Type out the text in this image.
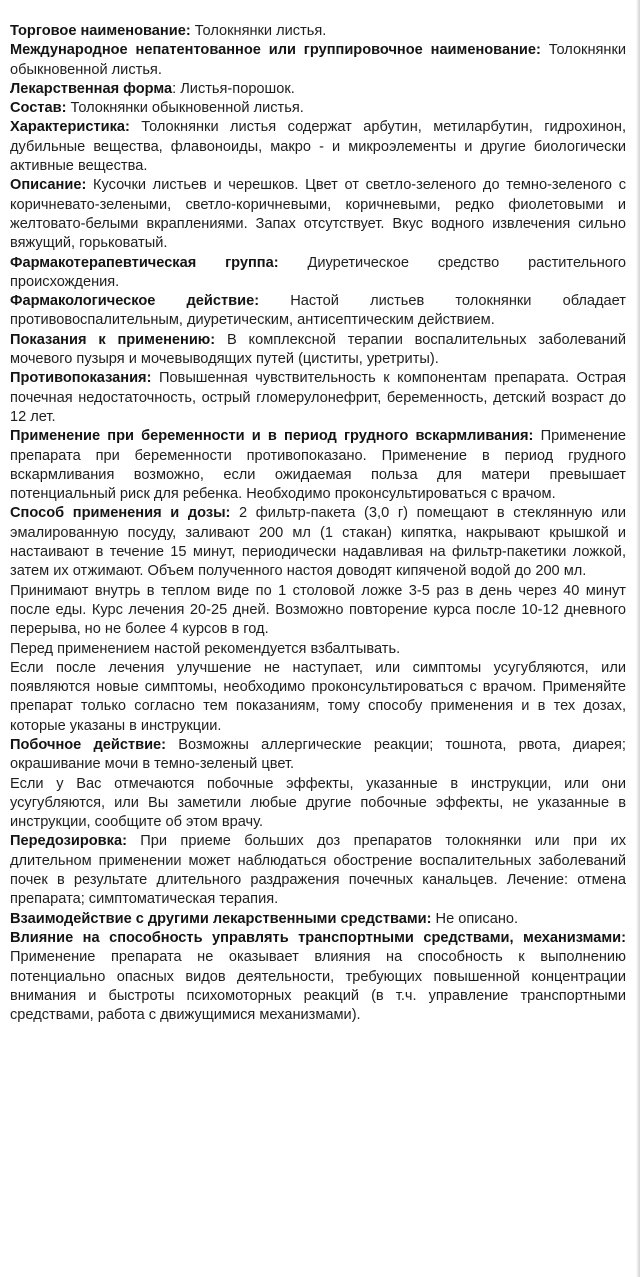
Торговое наименование: Толокнянки листья.

Международное непатентованное или группировочное наименование: Толокнянки обыкновенной листья.

Лекарственная форма: Листья-порошок.

Состав: Толокнянки обыкновенной листья.

Характеристика: Толокнянки листья содержат арбутин, метиларбутин, гидрохинон, дубильные вещества, флавоноиды, макро - и микроэлементы и другие биологически активные вещества.

Описание: Кусочки листьев и черешков. Цвет от светло-зеленого до темно-зеленого с коричневато-зелеными, светло-коричневыми, коричневыми, редко фиолетовыми и желтовато-белыми вкраплениями. Запах отсутствует. Вкус водного извлечения сильно вяжущий, горьковатый.

Фармакотерапевтическая группа: Диуретическое средство растительного происхождения.

Фармакологическое действие: Настой листьев толокнянки обладает противовоспалительным, диуретическим, антисептическим действием.

Показания к применению: В комплексной терапии воспалительных заболеваний мочевого пузыря и мочевыводящих путей (циститы, уретриты).

Противопоказания: Повышенная чувствительность к компонентам препарата. Острая почечная недостаточность, острый гломерулонефрит, беременность, детский возраст до 12 лет.

Применение при беременности и в период грудного вскармливания: Применение препарата при беременности противопоказано. Применение в период грудного вскармливания возможно, если ожидаемая польза для матери превышает потенциальный риск для ребенка. Необходимо проконсультироваться с врачом.

Способ применения и дозы: 2 фильтр-пакета (3,0 г) помещают в стеклянную или эмалированную посуду, заливают 200 мл (1 стакан) кипятка, накрывают крышкой и настаивают в течение 15 минут, периодически надавливая на фильтр-пакетики ложкой, затем их отжимают. Объем полученного настоя доводят кипяченой водой до 200 мл.

Принимают внутрь в теплом виде по 1 столовой ложке 3-5 раз в день через 40 минут после еды. Курс лечения 20-25 дней. Возможно повторение курса после 10-12 дневного перерыва, но не более 4 курсов в год.

Перед применением настой рекомендуется взбалтывать.

Если после лечения улучшение не наступает, или симптомы усугубляются, или появляются новые симптомы, необходимо проконсультироваться с врачом. Применяйте препарат только согласно тем показаниям, тому способу применения и в тех дозах, которые указаны в инструкции.

Побочное действие: Возможны аллергические реакции; тошнота, рвота, диарея; окрашивание мочи в темно-зеленый цвет.

Если у Вас отмечаются побочные эффекты, указанные в инструкции, или они усугубляются, или Вы заметили любые другие побочные эффекты, не указанные в инструкции, сообщите об этом врачу.

Передозировка: При приеме больших доз препаратов толокнянки или при их длительном применении может наблюдаться обострение воспалительных заболеваний почек в результате длительного раздражения почечных канальцев. Лечение: отмена препарата; симптоматическая терапия.

Взаимодействие с другими лекарственными средствами: Не описано.

Влияние на способность управлять транспортными средствами, механизмами: Применение препарата не оказывает влияния на способность к выполнению потенциально опасных видов деятельности, требующих повышенной концентрации внимания и быстроты психомоторных реакций (в т.ч. управление транспортными средствами, работа с движущимися механизмами).
